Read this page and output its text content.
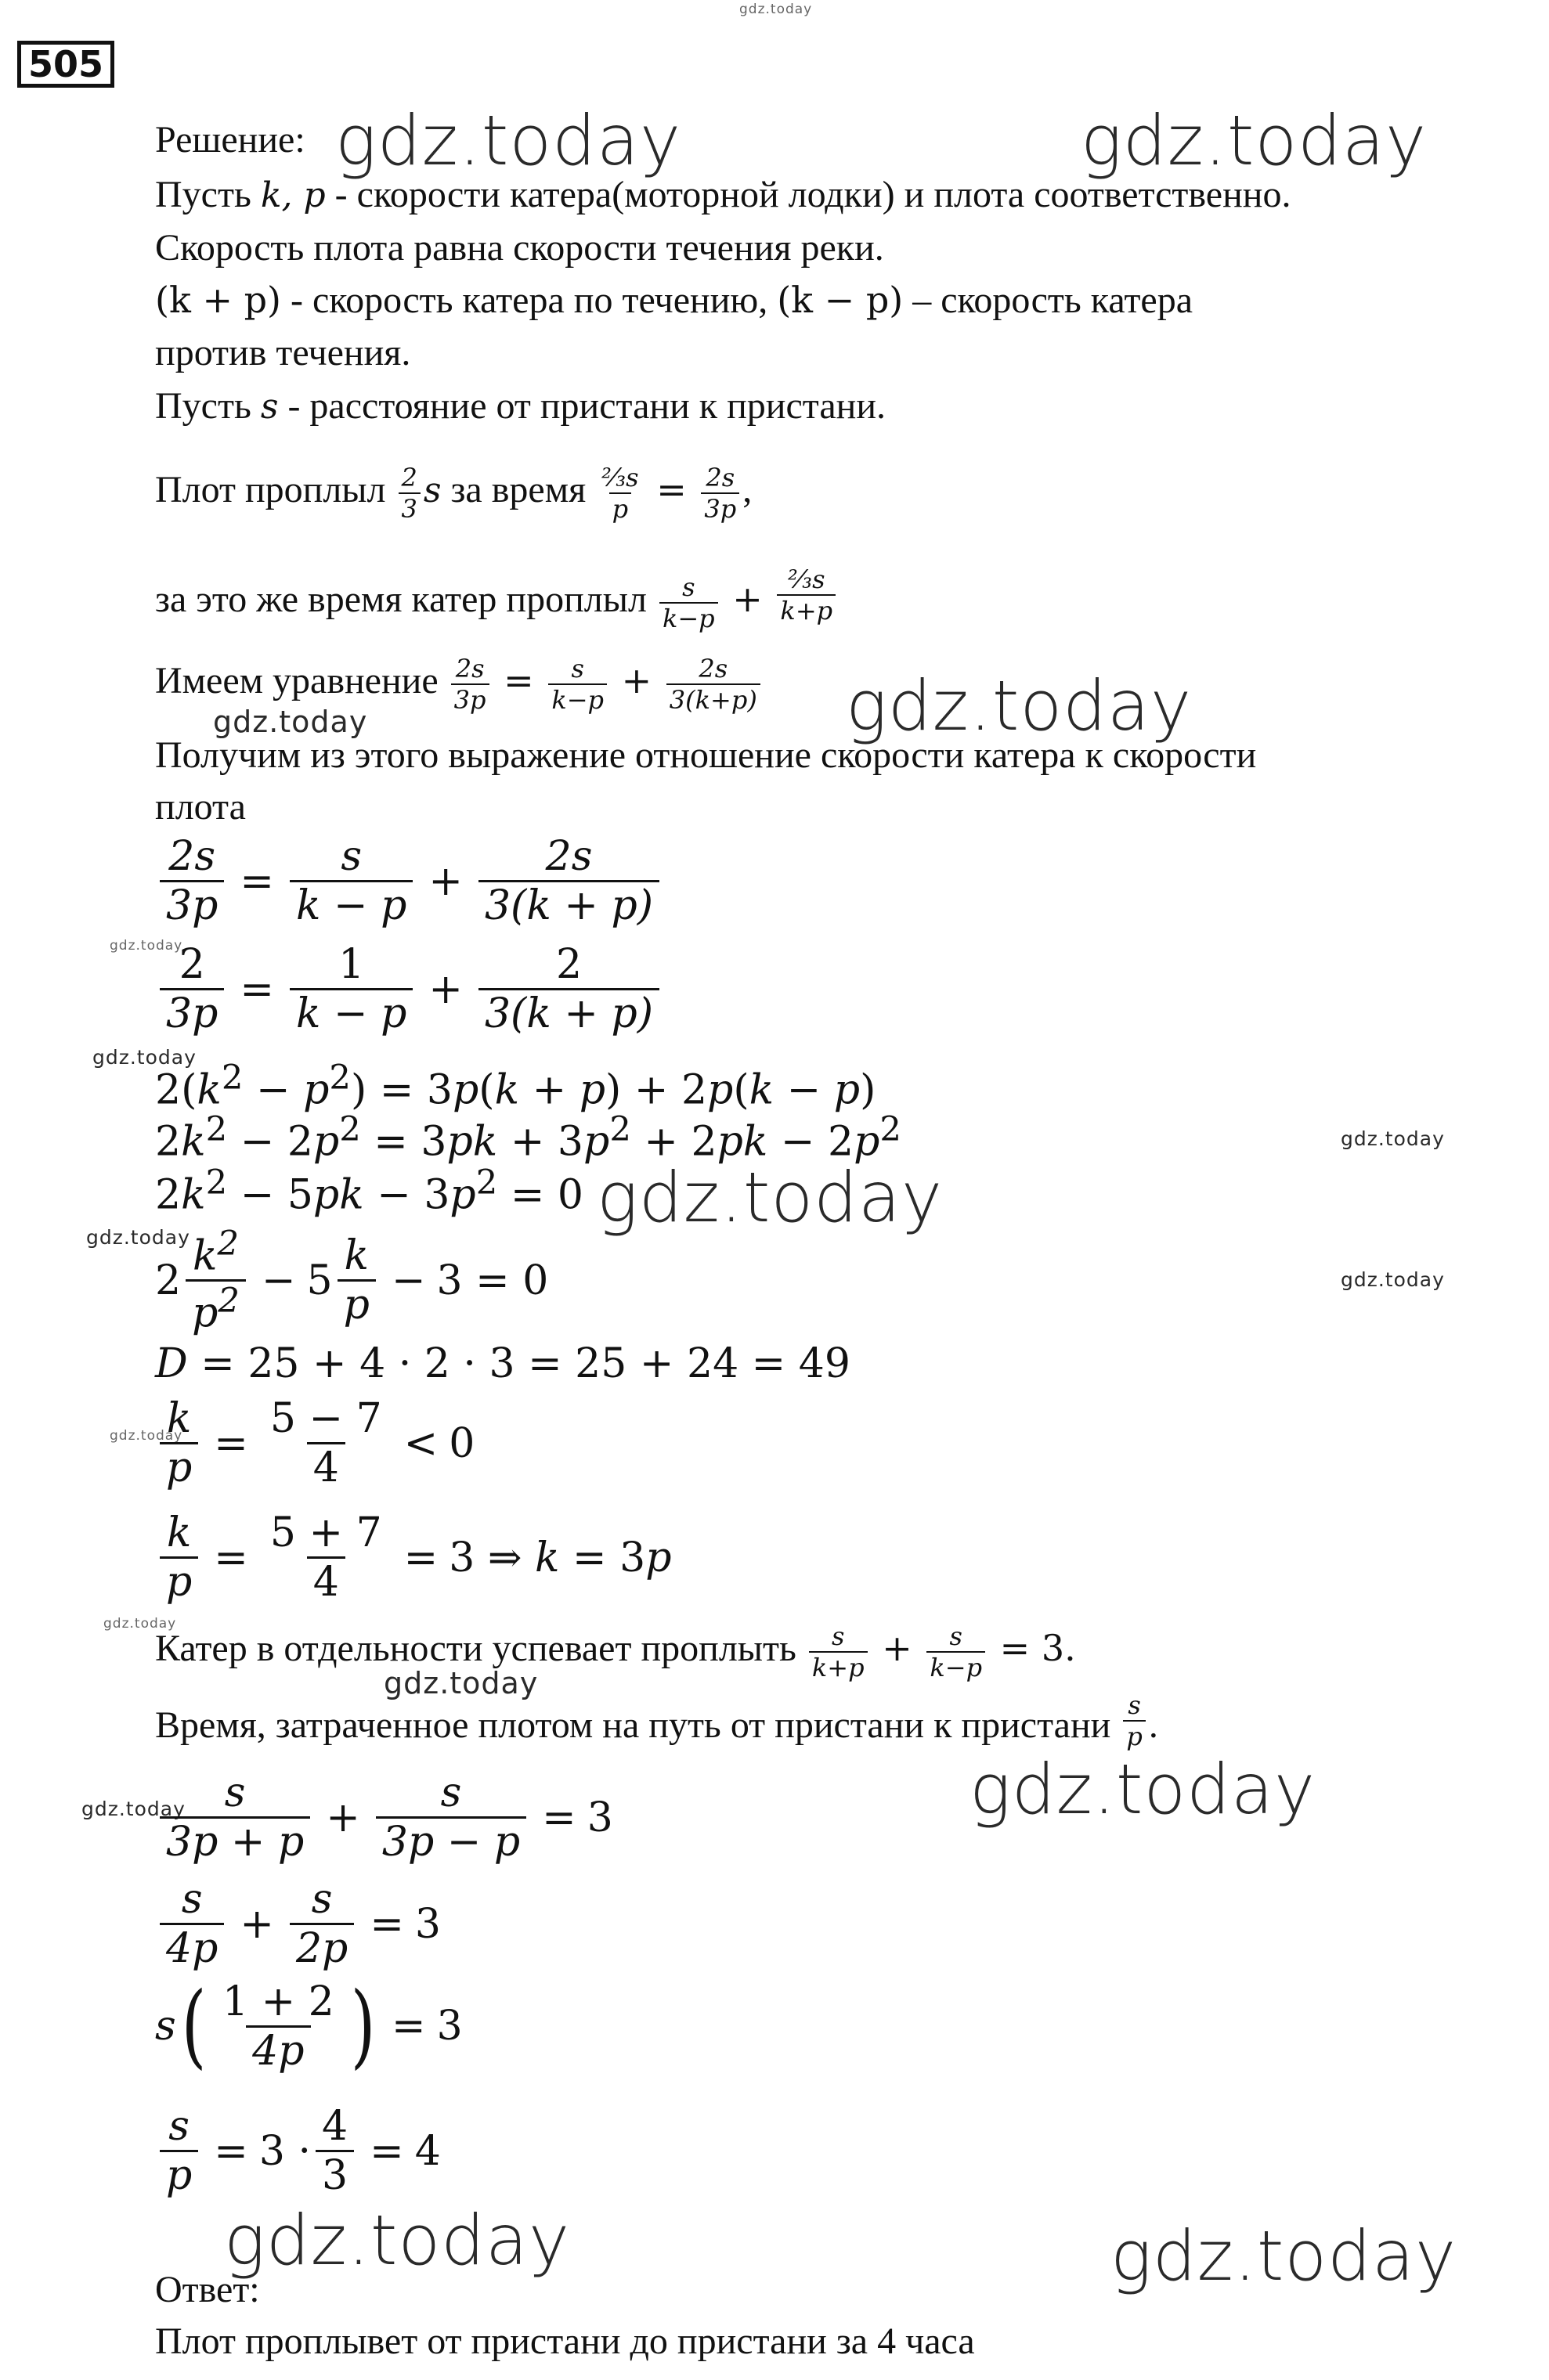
505
gdz.today
gdz.today	gdz.today
gdz.today	gdz.today
gdz.today
gdz.today
gdz.today
gdz.today
gdz.today
gdz.today
gdz.today
gdz.today
gdz.today
gdz.today
gdz.today
gdz.today	gdz.today
Решение:
Пусть k, p - скорости катера(моторной лодки) и плота соответственно.
Скорость плота равна скорости течения реки.
(k + p) - скорость катера по течению, (k − p) – скорость катера
против течения.
Пусть s - расстояние от пристани к пристани.
Плот проплыл $\frac{2}{3}$ s за время $\frac{\text{⅔s}}{p} = \frac{2s}{3p}$ ,
за это же время катер проплыл $\frac{s}{k-p} + \frac{\text{⅔s}}{k+p}$
Имеем уравнение $\frac{2s}{3p} = \frac{s}{k-p} + \frac{2s}{3(k+p)}$
Получим из этого выражение отношение скорости катера к скорости
плота
$\frac{2s}{3p} = \frac{s}{k - p} + \frac{2s}{3(k + p)}$
$\frac{2}{3p} = \frac{1}{k - p} + \frac{2}{3(k + p)}$
$2(k^2 - p^2) = 3p(k + p) + 2p(k - p)$
$2k^2 - 2p^2 = 3pk + 3p^2 + 2pk - 2p^2$
$2k^2 - 5pk - 3p^2 = 0$
2
$k^2$
$p^2 - 5$
k
p
− 3 = 0
D = 25 + 4 · 2 · 3 = 25 + 24 = 49
$\frac{k}{p} = \frac{5 - 7}{4} < 0$
$\frac{k}{p} = \frac{5 + 7}{4} = 3$ ⇒ k = 3p
Катер в отдельности успевает проплыть $\frac{s}{k+p} + \frac{s}{k-p} = 3$.
Время, затраченное плотом на путь от пристани к пристани $\frac{s}{p}$ .
s
3p + p
+ $\frac{s}{3p - p} = 3$
s
4p
+ $\frac{s}{2p} = 3$
s ( 1 + 2
4p ) = 3
$\frac{s}{p} = 3 \cdot \frac{4}{3} = 4$
Ответ:
Плот проплывет от пристани до пристани за 4 часа
